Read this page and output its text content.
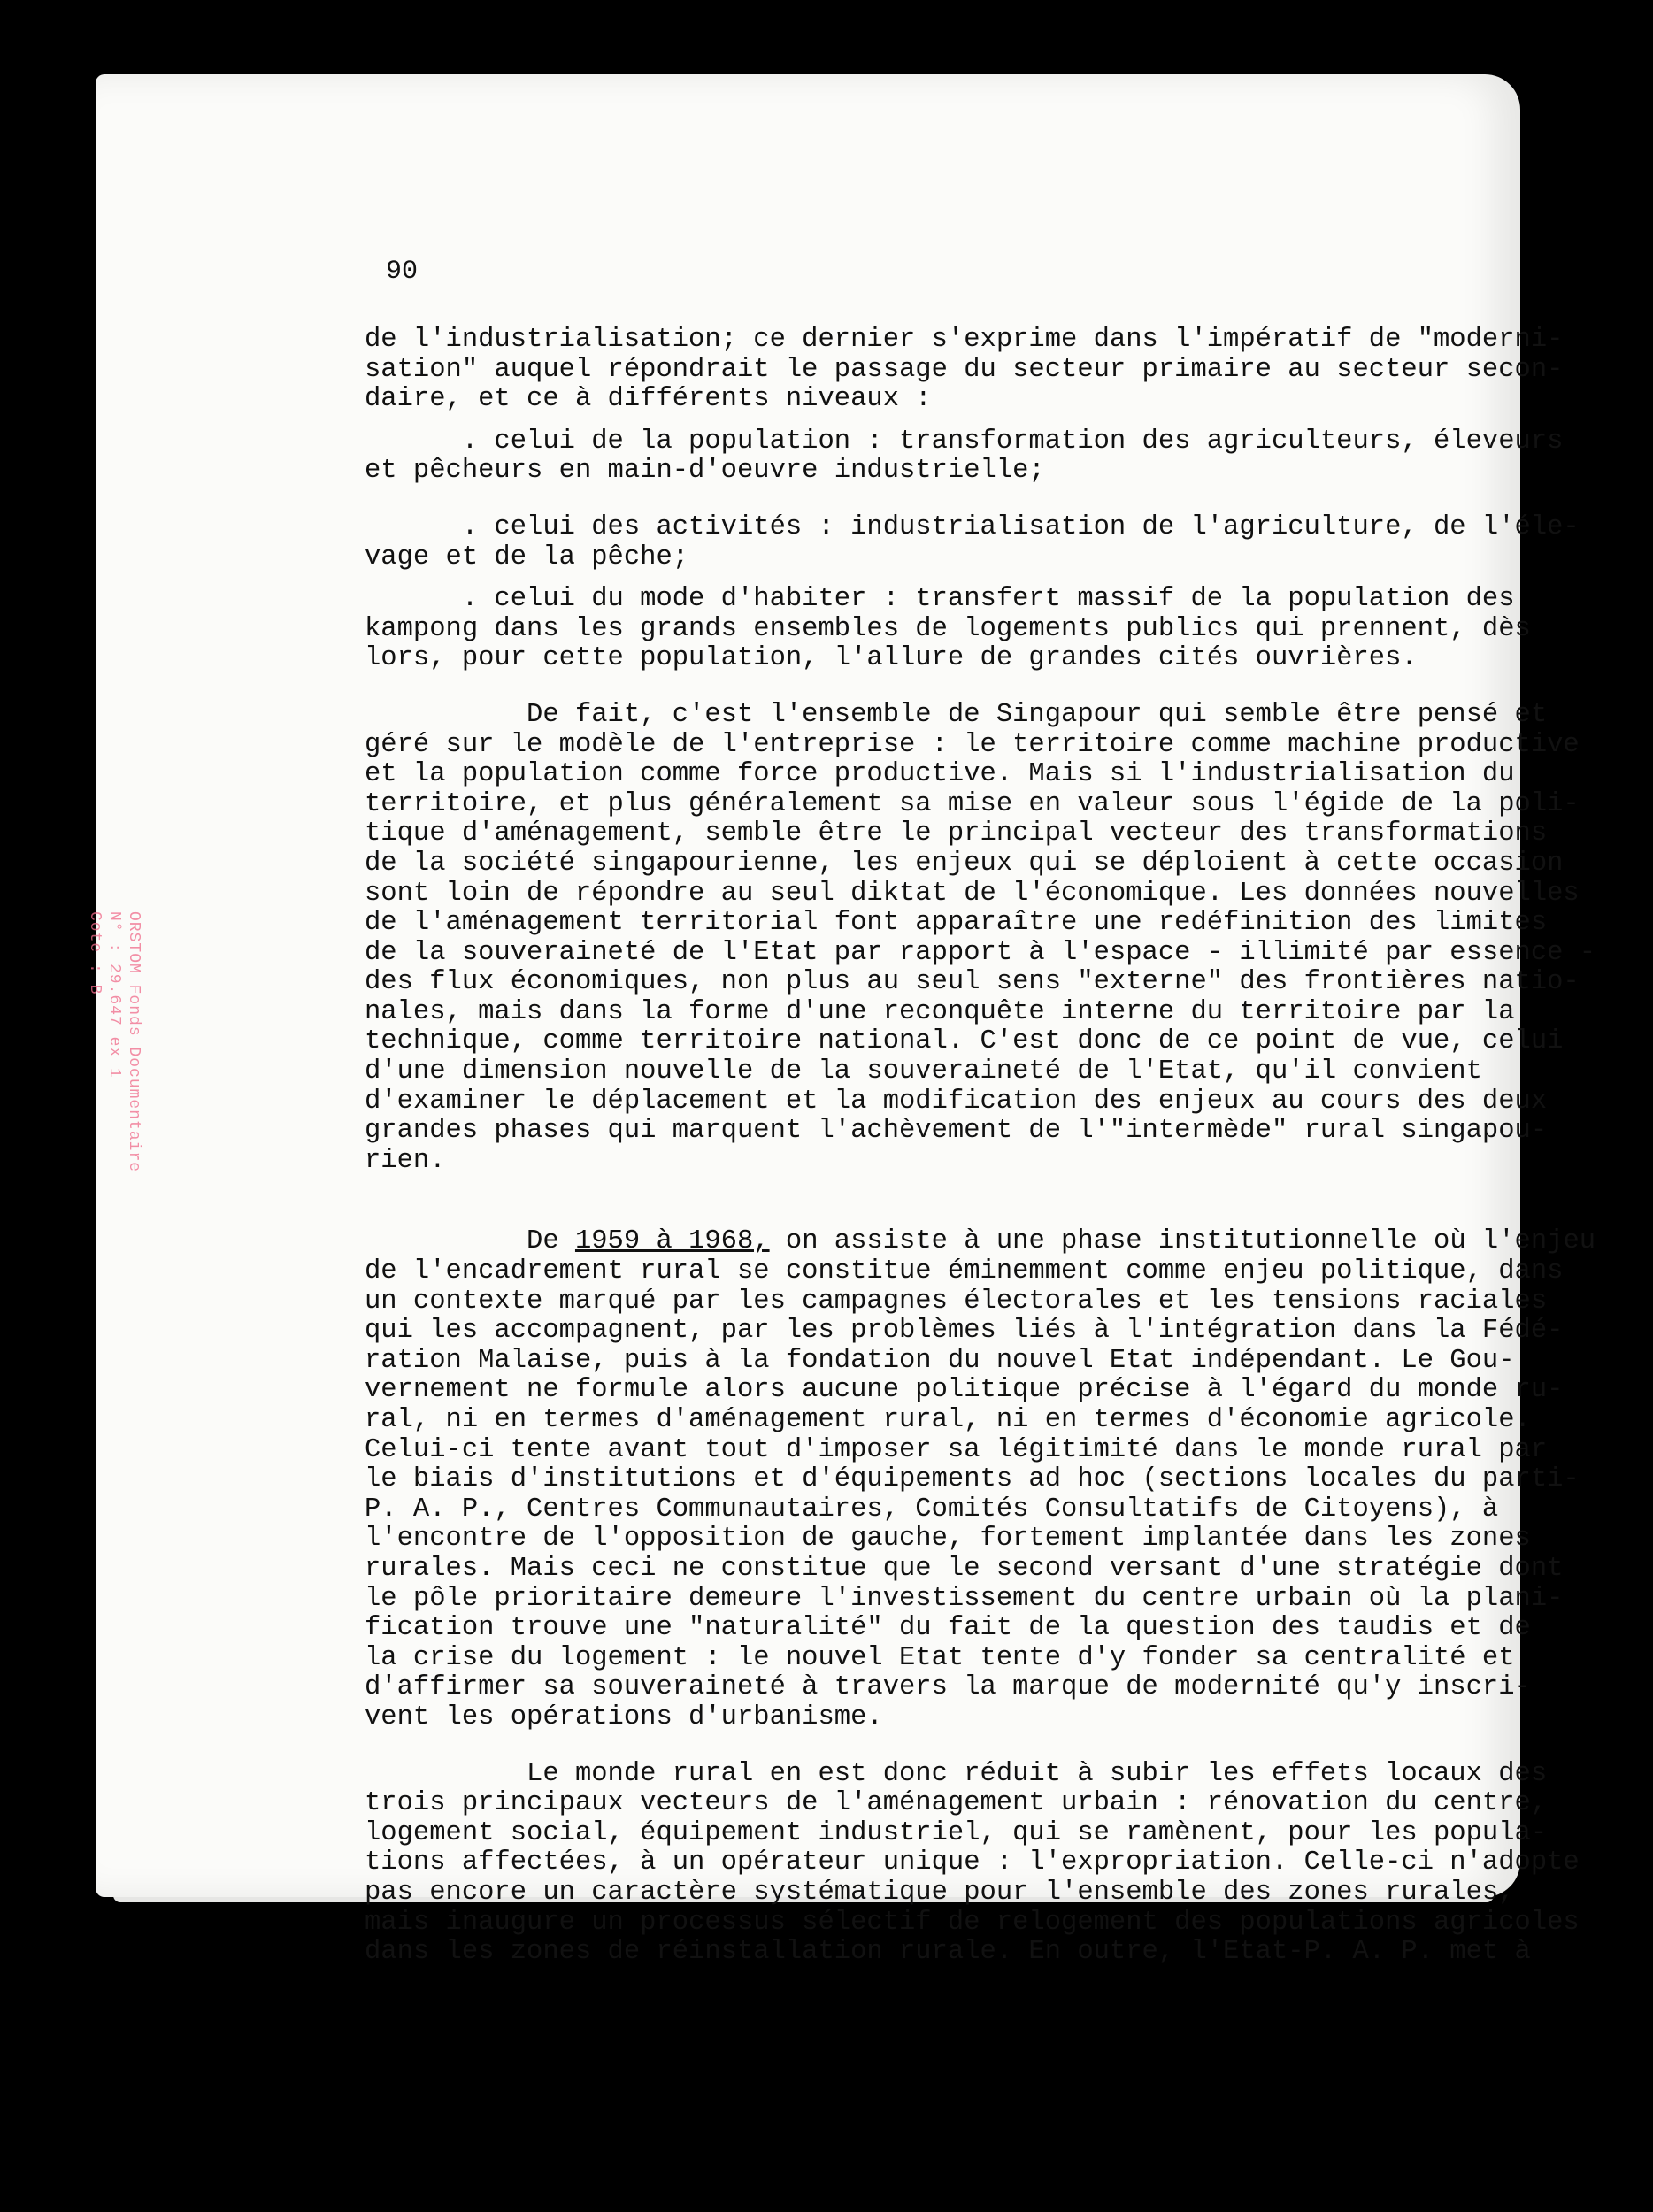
ORSTOM Fonds Documentaire
N° : 29.647 ex 1
Cote : B
90

de l'industrialisation; ce dernier s'exprime dans l'impératif de "moderni-

sation" auquel répondrait le passage du secteur primaire au secteur secon-

daire, et ce à différents niveaux :

. celui de la population : transformation des agriculteurs, éleveurs

et pêcheurs en main-d'oeuvre industrielle;

. celui des activités : industrialisation de l'agriculture, de l'éle-

vage et de la pêche;

. celui du mode d'habiter : transfert massif de la population des

kampong dans les grands ensembles de logements publics qui prennent, dès

lors, pour cette population, l'allure de grandes cités ouvrières.

De fait, c'est l'ensemble de Singapour qui semble être pensé et

géré sur le modèle de l'entreprise : le territoire comme machine productive

et la population comme force productive. Mais si l'industrialisation du

territoire, et plus généralement sa mise en valeur sous l'égide de la poli-

tique d'aménagement, semble être le principal vecteur des transformations

de la société singapourienne, les enjeux qui se déploient à cette occasion

sont loin de répondre au seul diktat de l'économique. Les données nouvelles

de l'aménagement territorial font apparaître une redéfinition des limites

de la souveraineté de l'Etat par rapport à l'espace - illimité par essence -

des flux économiques, non plus au seul sens "externe" des frontières natio-

nales, mais dans la forme d'une reconquête interne du territoire par la

technique, comme territoire national. C'est donc de ce point de vue, celui

d'une dimension nouvelle de la souveraineté de l'Etat, qu'il convient

d'examiner le déplacement et la modification des enjeux au cours des deux

grandes phases qui marquent l'achèvement de l'"intermède" rural singapou-

rien.

De 1959 à 1968, on assiste à une phase institutionnelle où l'enjeu

de l'encadrement rural se constitue éminemment comme enjeu politique, dans

un contexte marqué par les campagnes électorales et les tensions raciales

qui les accompagnent, par les problèmes liés à l'intégration dans la Fédé-

ration Malaise, puis à la fondation du nouvel Etat indépendant. Le Gou-

vernement ne formule alors aucune politique précise à l'égard du monde ru-

ral, ni en termes d'aménagement rural, ni en termes d'économie agricole.

Celui-ci tente avant tout d'imposer sa légitimité dans le monde rural par

le biais d'institutions et d'équipements ad hoc (sections locales du parti-

P. A. P., Centres Communautaires, Comités Consultatifs de Citoyens), à

l'encontre de l'opposition de gauche, fortement implantée dans les zones

rurales. Mais ceci ne constitue que le second versant d'une stratégie dont

le pôle prioritaire demeure l'investissement du centre urbain où la plani-

fication trouve une "naturalité" du fait de la question des taudis et de

la crise du logement : le nouvel Etat tente d'y fonder sa centralité et

d'affirmer sa souveraineté à travers la marque de modernité qu'y inscri-

vent les opérations d'urbanisme.

Le monde rural en est donc réduit à subir les effets locaux des

trois principaux vecteurs de l'aménagement urbain : rénovation du centre,

logement social, équipement industriel, qui se ramènent, pour les popula-

tions affectées, à un opérateur unique : l'expropriation. Celle-ci n'adopte

pas encore un caractère systématique pour l'ensemble des zones rurales,

mais inaugure un processus sélectif de relogement des populations agricoles

dans les zones de réinstallation rurale. En outre, l'Etat-P. A. P. met à
